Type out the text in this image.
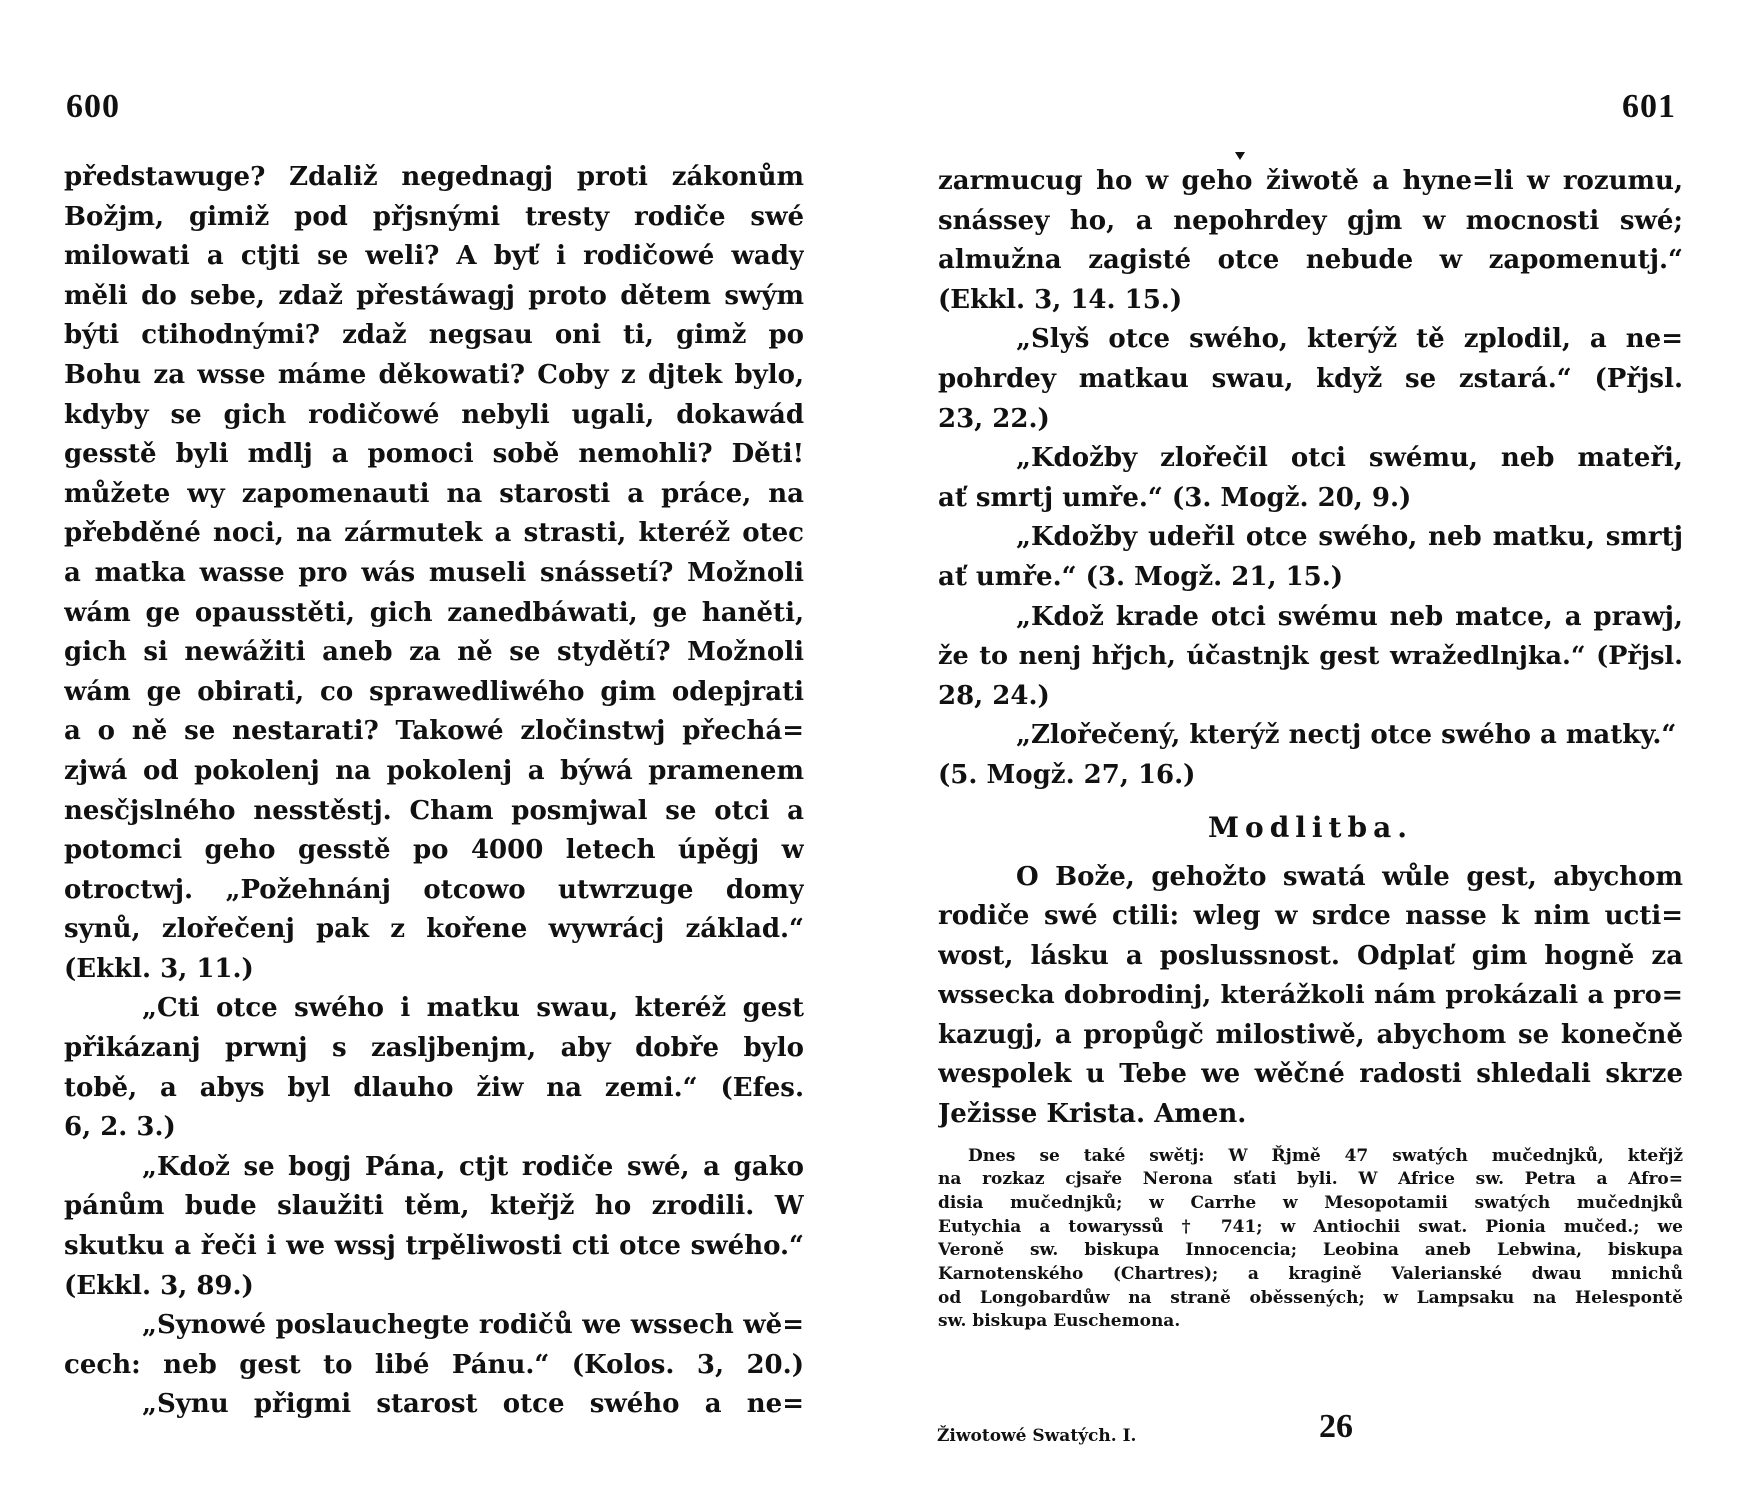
600
předstawuge? Zdaliž negednagj proti zákonům
Božjm, gimiž pod přjsnými tresty rodiče swé
milowati a ctjti se weli? A byť i rodičowé wady
měli do sebe, zdaž přestáwagj proto dětem swým
býti ctihodnými? zdaž negsau oni ti, gimž po
Bohu za wsse máme děkowati? Coby z djtek bylo,
kdyby se gich rodičowé nebyli ugali, dokawád
gesstě byli mdlj a pomoci sobě nemohli? Děti!
můžete wy zapomenauti na starosti a práce, na
přebděné noci, na zármutek a strasti, kteréž otec
a matka wasse pro wás museli snássetí? Možnoli
wám ge opausstěti, gich zanedbáwati, ge haněti,
gich si newážiti aneb za ně se stydětí? Možnoli
wám ge obirati, co sprawedliwého gim odepjrati
a o ně se nestarati? Takowé zločinstwj přechá=
zjwá od pokolenj na pokolenj a býwá pramenem
nesčjslného nesstěstj. Cham posmjwal se otci a
potomci geho gesstě po 4000 letech úpěgj w
otroctwj. „Požehnánj otcowo utwrzuge domy
synů, zlořečenj pak z kořene wywrácj základ.“
(Ekkl. 3, 11.)
„Cti otce swého i matku swau, kteréž gest
přikázanj prwnj s zasljbenjm, aby dobře bylo
tobě, a abys byl dlauho žiw na zemi.“ (Efes.
6, 2. 3.)
„Kdož se bogj Pána, ctjt rodiče swé, a gako
pánům bude slaužiti těm, kteřjž ho zrodili. W
skutku a řeči i we wssj trpěliwosti cti otce swého.“
(Ekkl. 3, 89.)
„Synowé poslauchegte rodičů we wssech wě=
cech: neb gest to libé Pánu.“ (Kolos. 3, 20.)
„Synu přigmi starost otce swého a ne=
601
zarmucug ho w geho žiwotě a hyne=li w rozumu,
snássey ho, a nepohrdey gjm w mocnosti swé;
almužna zagisté otce nebude w zapomenutj.“
(Ekkl. 3, 14. 15.)
„Slyš otce swého, kterýž tě zplodil, a ne=
pohrdey matkau swau, když se zstará.“ (Přjsl.
23, 22.)
„Kdožby zlořečil otci swému, neb mateři,
ať smrtj umře.“ (3. Mogž. 20, 9.)
„Kdožby udeřil otce swého, neb matku, smrtj
ať umře.“ (3. Mogž. 21, 15.)
„Kdož krade otci swému neb matce, a prawj,
že to nenj hřjch, účastnjk gest wražedlnjka.“ (Přjsl.
28, 24.)
„Zlořečený, kterýž nectj otce swého a matky.“
(5. Mogž. 27, 16.)
Modlitba.
O Bože, gehožto swatá wůle gest, abychom
rodiče swé ctili: wleg w srdce nasse k nim ucti=
wost, lásku a poslussnost. Odplať gim hogně za
wssecka dobrodinj, kterážkoli nám prokázali a pro=
kazugj, a propůgč milostiwě, abychom se konečně
wespolek u Tebe we wěčné radosti shledali skrze
Ježisse Krista. Amen.
Dnes se také swětj: W Řjmě 47 swatých mučednjků, kteřjž
na rozkaz cjsaře Nerona sťati byli. W Africe sw. Petra a Afro=
disia mučednjků; w Carrhe w Mesopotamii swatých mučednjků
Eutychia a towaryssů † 741; w Antiochii swat. Pionia mučed.; we
Veroně sw. biskupa Innocencia; Leobina aneb Lebwina, biskupa
Karnotenského (Chartres); a kragině Valerianské dwau mnichů
od Longobardůw na straně oběssených; w Lampsaku na Helespontě
sw. biskupa Euschemona.
Žiwotowé Swatých. I.	26
